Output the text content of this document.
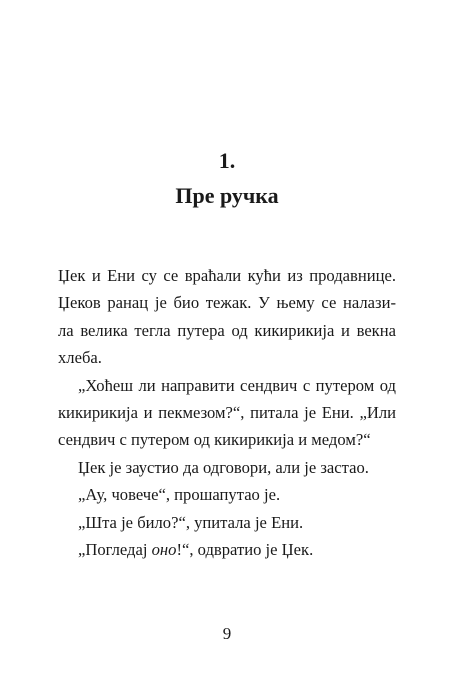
1.
Пре ручка
Џек и Ени су се враћали кући из продавнице.
Џеков ранац је био тежак. У њему се налази-
ла велика тегла путера од кикирикија и векна
хлеба.
„Хоћеш ли направити сендвич с путером од
кикирикија и пекмезом?“, питала је Ени. „Или
сендвич с путером од кикирикија и медом?“
Џек је заустио да одговори, али је застао.
„Ау, човече“, прошапутао је.
„Шта је било?“, упитала је Ени.
„Погледај оно!“, одвратио је Џек.
9
